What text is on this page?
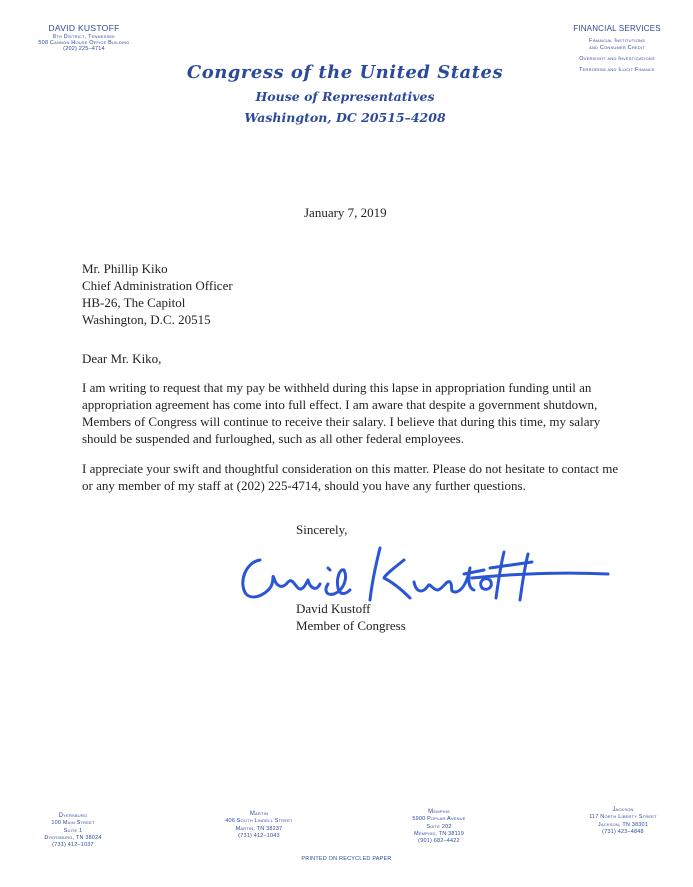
DAVID KUSTOFF
8th District, Tennessee
508 Cannon House Office Building
(202) 225–4714
Congress of the United States
House of Representatives
Washington, DC 20515–4208
FINANCIAL SERVICES
Financial Institutions
and Consumer Credit
Oversight and Investigations
Terrorism and Illicit Finance
January 7, 2019
Mr. Phillip Kiko
Chief Administration Officer
HB-26, The Capitol
Washington, D.C. 20515
Dear Mr. Kiko,
I am writing to request that my pay be withheld during this lapse in appropriation funding until an appropriation agreement has come into full effect. I am aware that despite a government shutdown, Members of Congress will continue to receive their salary. I believe that during this time, my salary should be suspended and furloughed, such as all other federal employees.
I appreciate your swift and thoughtful consideration on this matter. Please do not hesitate to contact me or any member of my staff at (202) 225-4714, should you have any further questions.
Sincerely,
David Kustoff
Member of Congress
Dyersburg
100 Main Street
Suite 1
Dyersburg, TN 38024
(731) 412–1037
Martin
406 South Lindell Street
Martin, TN 38237
(731) 412–1043
Memphis
5900 Poplar Avenue
Suite 202
Memphis, TN 38119
(901) 682–4422
Jackson
117 North Liberty Street
Jackson, TN 38301
(731) 423–4848
PRINTED ON RECYCLED PAPER
